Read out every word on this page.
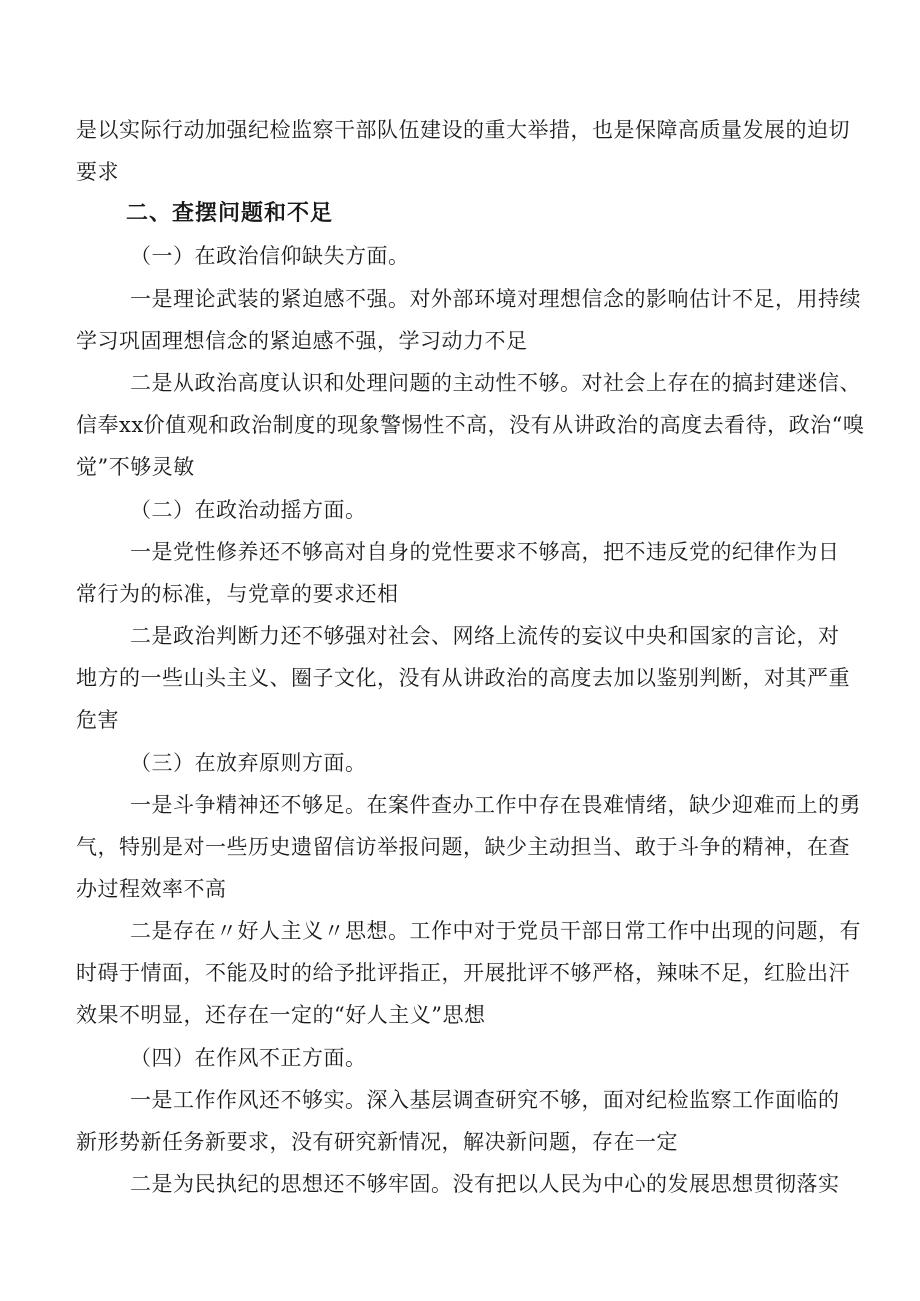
是以实际行动加强纪检监察干部队伍建设的重大举措，也是保障高质量发展的迫切

要求

二、查摆问题和不足

（一）在政治信仰缺失方面。

一是理论武装的紧迫感不强。对外部环境对理想信念的影响估计不足，用持续

学习巩固理想信念的紧迫感不强，学习动力不足

二是从政治高度认识和处理问题的主动性不够。对社会上存在的搞封建迷信、

信奉xx价值观和政治制度的现象警惕性不高，没有从讲政治的高度去看待，政治“嗅

觉”不够灵敏

（二）在政治动摇方面。

一是党性修养还不够高对自身的党性要求不够高，把不违反党的纪律作为日

常行为的标准，与党章的要求还相

二是政治判断力还不够强对社会、网络上流传的妄议中央和国家的言论，对

地方的一些山头主义、圈子文化，没有从讲政治的高度去加以鉴别判断，对其严重

危害

（三）在放弃原则方面。

一是斗争精神还不够足。在案件查办工作中存在畏难情绪，缺少迎难而上的勇

气，特别是对一些历史遗留信访举报问题，缺少主动担当、敢于斗争的精神，在查

办过程效率不高

二是存在〃好人主义〃思想。工作中对于党员干部日常工作中出现的问题，有

时碍于情面，不能及时的给予批评指正，开展批评不够严格，辣味不足，红脸出汗

效果不明显，还存在一定的“好人主义”思想

（四）在作风不正方面。

一是工作作风还不够实。深入基层调查研究不够，面对纪检监察工作面临的

新形势新任务新要求，没有研究新情况，解决新问题，存在一定

二是为民执纪的思想还不够牢固。没有把以人民为中心的发展思想贯彻落实
